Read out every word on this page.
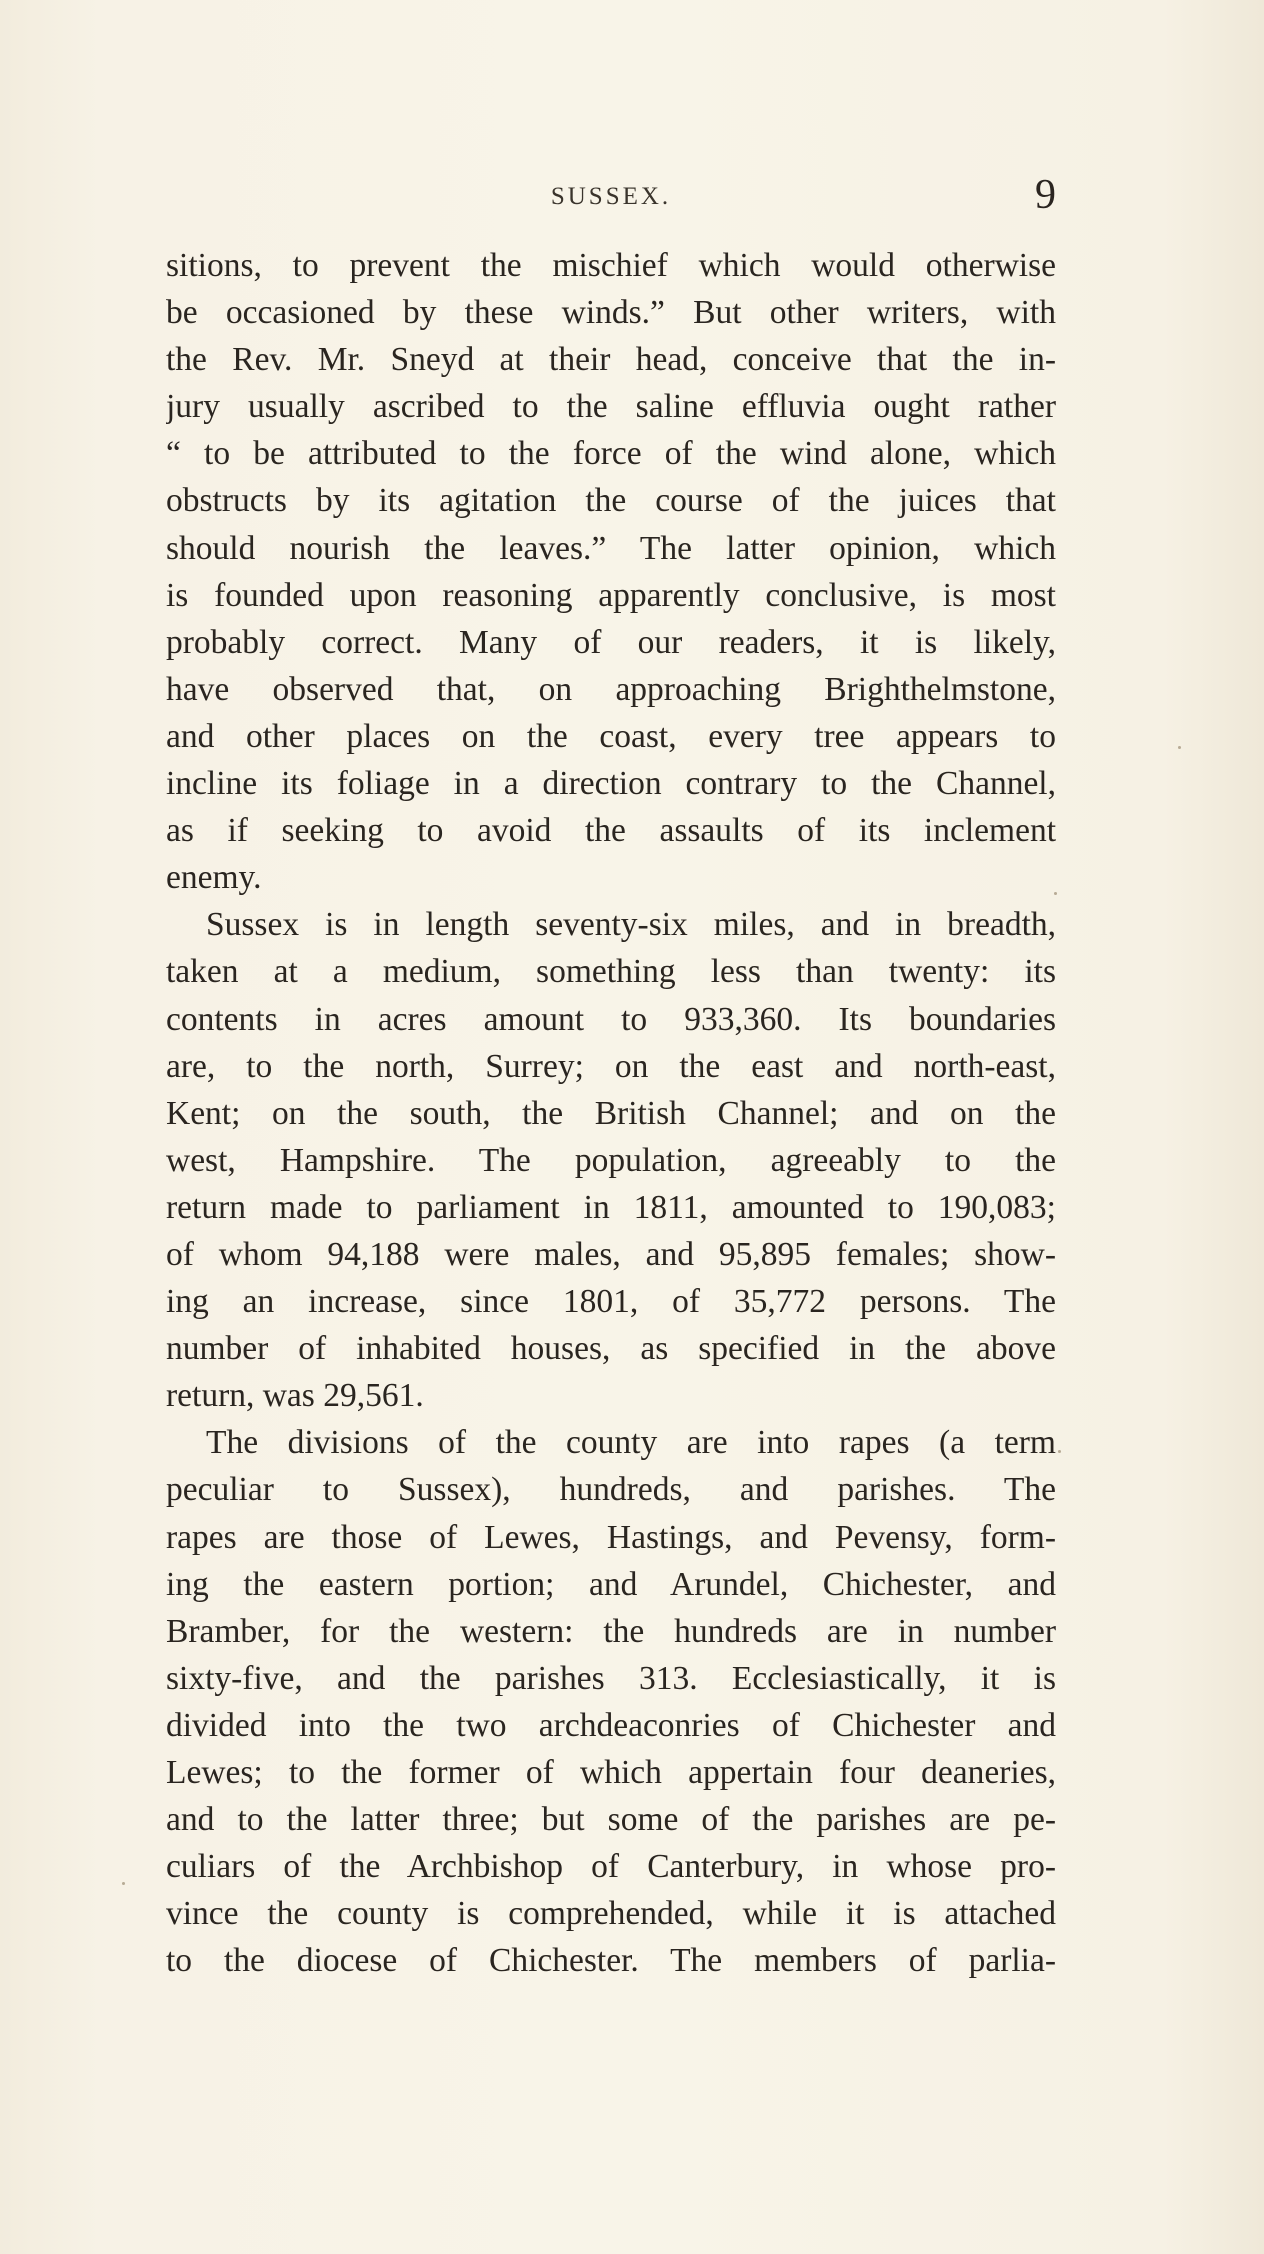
SUSSEX.	9
sitions, to prevent the mischief which would otherwise
be occasioned by these winds.” But other writers, with
the Rev. Mr. Sneyd at their head, conceive that the in-
jury usually ascribed to the saline effluvia ought rather
“ to be attributed to the force of the wind alone, which
obstructs by its agitation the course of the juices that
should nourish the leaves.” The latter opinion, which
is founded upon reasoning apparently conclusive, is most
probably correct. Many of our readers, it is likely,
have observed that, on approaching Brighthelmstone,
and other places on the coast, every tree appears to
incline its foliage in a direction contrary to the Channel,
as if seeking to avoid the assaults of its inclement
enemy.
Sussex is in length seventy-six miles, and in breadth,
taken at a medium, something less than twenty: its
contents in acres amount to 933,360. Its boundaries
are, to the north, Surrey; on the east and north-east,
Kent; on the south, the British Channel; and on the
west, Hampshire. The population, agreeably to the
return made to parliament in 1811, amounted to 190,083;
of whom 94,188 were males, and 95,895 females; show-
ing an increase, since 1801, of 35,772 persons. The
number of inhabited houses, as specified in the above
return, was 29,561.
The divisions of the county are into rapes (a term
peculiar to Sussex), hundreds, and parishes. The
rapes are those of Lewes, Hastings, and Pevensy, form-
ing the eastern portion; and Arundel, Chichester, and
Bramber, for the western: the hundreds are in number
sixty-five, and the parishes 313. Ecclesiastically, it is
divided into the two archdeaconries of Chichester and
Lewes; to the former of which appertain four deaneries,
and to the latter three; but some of the parishes are pe-
culiars of the Archbishop of Canterbury, in whose pro-
vince the county is comprehended, while it is attached
to the diocese of Chichester. The members of parlia-
